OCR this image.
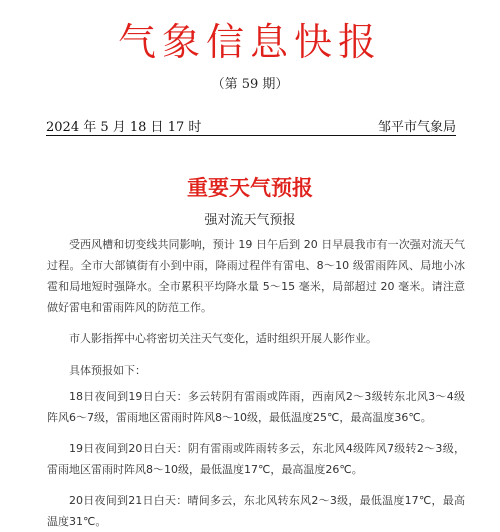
气象信息快报
（第 59 期）
2024 年 5 月 18 日 17 时	邹平市气象局
重要天气预报
强对流天气预报

受西风槽和切变线共同影响，预计 19 日午后到 20 日早晨我市有一次强对流天气过程。全市大部镇街有小到中雨，降雨过程伴有雷电、8～10 级雷雨阵风、局地小冰雹和局地短时强降水。全市累积平均降水量 5～15 毫米，局部超过 20 毫米。请注意做好雷电和雷雨阵风的防范工作。

市人影指挥中心将密切关注天气变化，适时组织开展人影作业。

具体预报如下：

18日夜间到19日白天：多云转阴有雷雨或阵雨，西南风2～3级转东北风3～4级阵风6～7级，雷雨地区雷雨时阵风8～10级，最低温度25℃，最高温度36℃。

19日夜间到20日白天：阴有雷雨或阵雨转多云，东北风4级阵风7级转2～3级，雷雨地区雷雨时阵风8～10级，最低温度17℃，最高温度26℃。

20日夜间到21日白天：晴间多云，东北风转东风2～3级，最低温度17℃，最高温度31℃。
